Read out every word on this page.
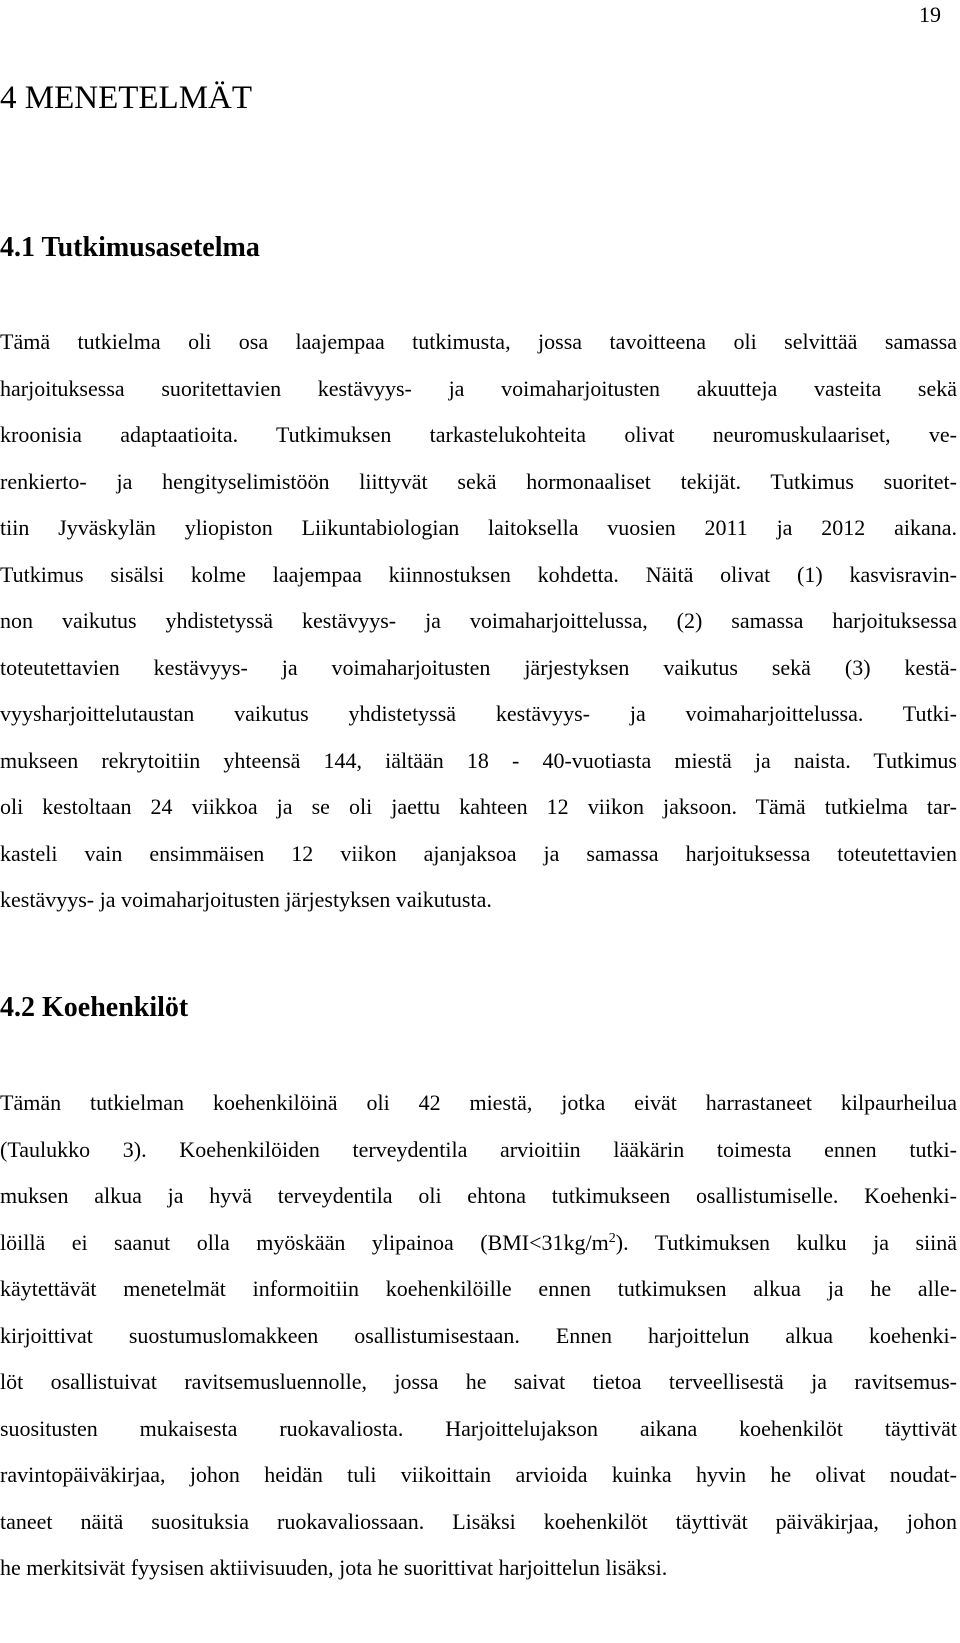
19
4 MENETELMÄT
4.1 Tutkimusasetelma

Tämä tutkielma oli osa laajempaa tutkimusta, jossa tavoitteena oli selvittää samassa
harjoituksessa suoritettavien kestävyys- ja voimaharjoitusten akuutteja vasteita sekä
kroonisia adaptaatioita. Tutkimuksen tarkastelukohteita olivat neuromuskulaariset, ve-
renkierto- ja hengityselimistöön liittyvät sekä hormonaaliset tekijät. Tutkimus suoritet-
tiin Jyväskylän yliopiston Liikuntabiologian laitoksella vuosien 2011 ja 2012 aikana.
Tutkimus sisälsi kolme laajempaa kiinnostuksen kohdetta. Näitä olivat (1) kasvisravin-
non vaikutus yhdistetyssä kestävyys- ja voimaharjoittelussa, (2) samassa harjoituksessa
toteutettavien kestävyys- ja voimaharjoitusten järjestyksen vaikutus sekä (3) kestä-
vyysharjoittelutaustan vaikutus yhdistetyssä kestävyys- ja voimaharjoittelussa. Tutki-
mukseen rekrytoitiin yhteensä 144, iältään 18 - 40-vuotiasta miestä ja naista. Tutkimus
oli kestoltaan 24 viikkoa ja se oli jaettu kahteen 12 viikon jaksoon. Tämä tutkielma tar-
kasteli vain ensimmäisen 12 viikon ajanjaksoa ja samassa harjoituksessa toteutettavien
kestävyys- ja voimaharjoitusten järjestyksen vaikutusta.

4.2 Koehenkilöt

Tämän tutkielman koehenkilöinä oli 42 miestä, jotka eivät harrastaneet kilpaurheilua
(Taulukko 3). Koehenkilöiden terveydentila arvioitiin lääkärin toimesta ennen tutki-
muksen alkua ja hyvä terveydentila oli ehtona tutkimukseen osallistumiselle. Koehenki-
löillä ei saanut olla myöskään ylipainoa $(BMI<31kg/m^2)$. Tutkimuksen kulku ja siinä
käytettävät menetelmät informoitiin koehenkilöille ennen tutkimuksen alkua ja he alle-
kirjoittivat suostumuslomakkeen osallistumisestaan. Ennen harjoittelun alkua koehenki-
löt osallistuivat ravitsemusluennolle, jossa he saivat tietoa terveellisestä ja ravitsemus-
suositusten mukaisesta ruokavaliosta. Harjoittelujakson aikana koehenkilöt täyttivät
ravintopäiväkirjaa, johon heidän tuli viikoittain arvioida kuinka hyvin he olivat noudat-
taneet näitä suosituksia ruokavaliossaan. Lisäksi koehenkilöt täyttivät päiväkirjaa, johon
he merkitsivät fyysisen aktiivisuuden, jota he suorittivat harjoittelun lisäksi.
